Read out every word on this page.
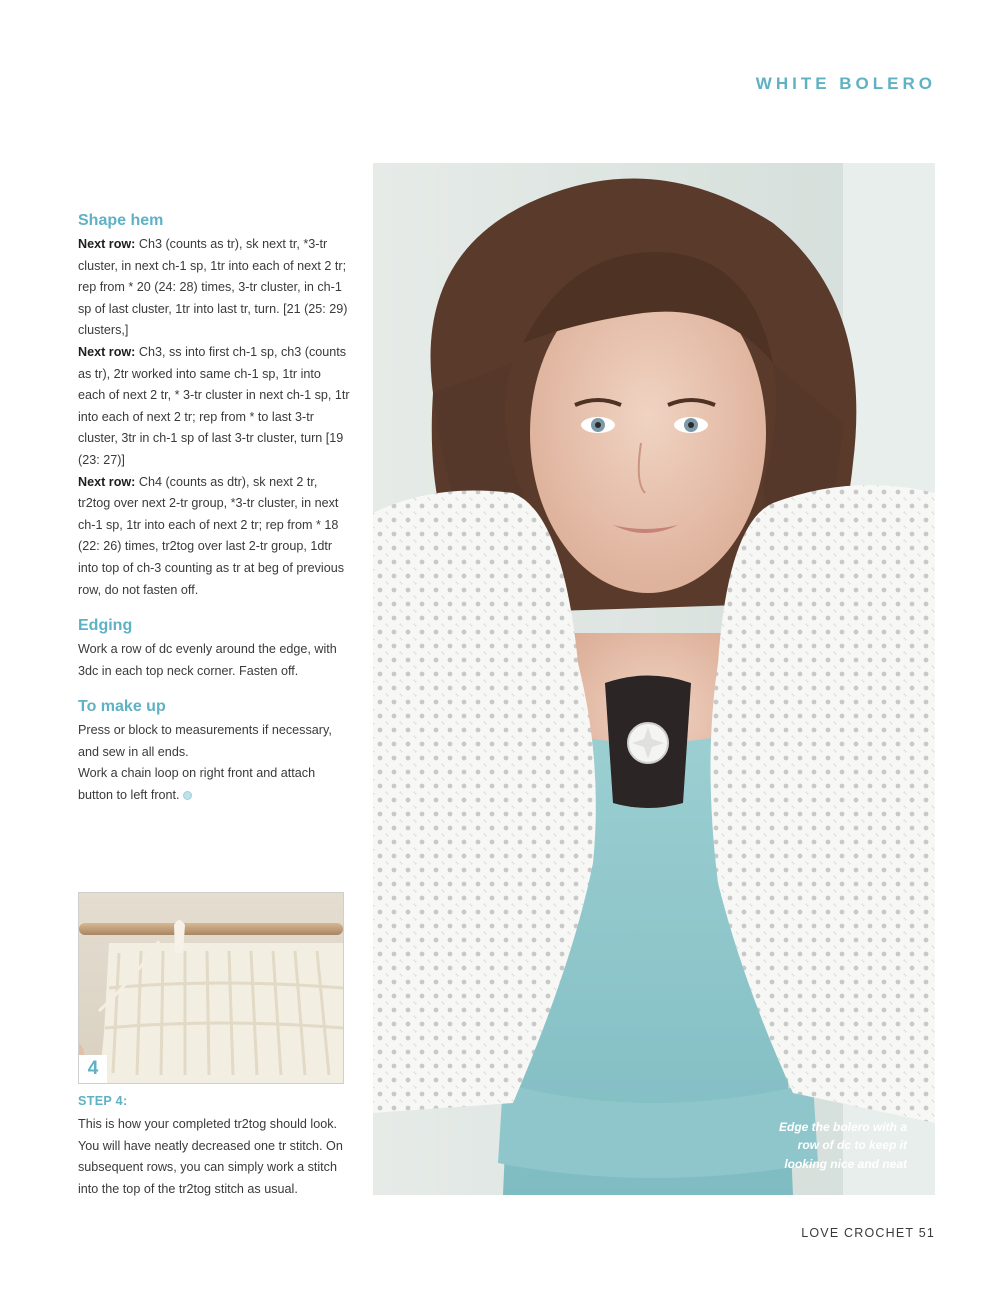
WHITE BOLERO
Shape hem

Next row: Ch3 (counts as tr), sk next tr, *3-tr cluster, in next ch-1 sp, 1tr into each of next 2 tr; rep from * 20 (24: 28) times, 3-tr cluster, in ch-1 sp of last cluster, 1tr into last tr, turn. [21 (25: 29) clusters,]

Next row: Ch3, ss into first ch-1 sp, ch3 (counts as tr), 2tr worked into same ch-1 sp, 1tr into each of next 2 tr, * 3-tr cluster in next ch-1 sp, 1tr into each of next 2 tr; rep from * to last 3-tr cluster, 3tr in ch-1 sp of last 3-tr cluster, turn [19 (23: 27)]

Next row: Ch4 (counts as dtr), sk next 2 tr, tr2tog over next 2-tr group, *3-tr cluster, in next ch-1 sp, 1tr into each of next 2 tr; rep from * 18 (22: 26) times, tr2tog over last 2-tr group, 1dtr into top of ch-3 counting as tr at beg of previous row, do not fasten off.

Edging

Work a row of dc evenly around the edge, with 3dc in each top neck corner. Fasten off.

To make up

Press or block to measurements if necessary, and sew in all ends.

Work a chain loop on right front and attach button to left front.

4
STEP 4:
This is how your completed tr2tog should look. You will have neatly decreased one tr stitch. On subsequent rows, you can simply work a stitch into the top of the tr2tog stitch as usual.
Edge the bolero with a row of dc to keep it looking nice and neat
LOVE CROCHET 51
